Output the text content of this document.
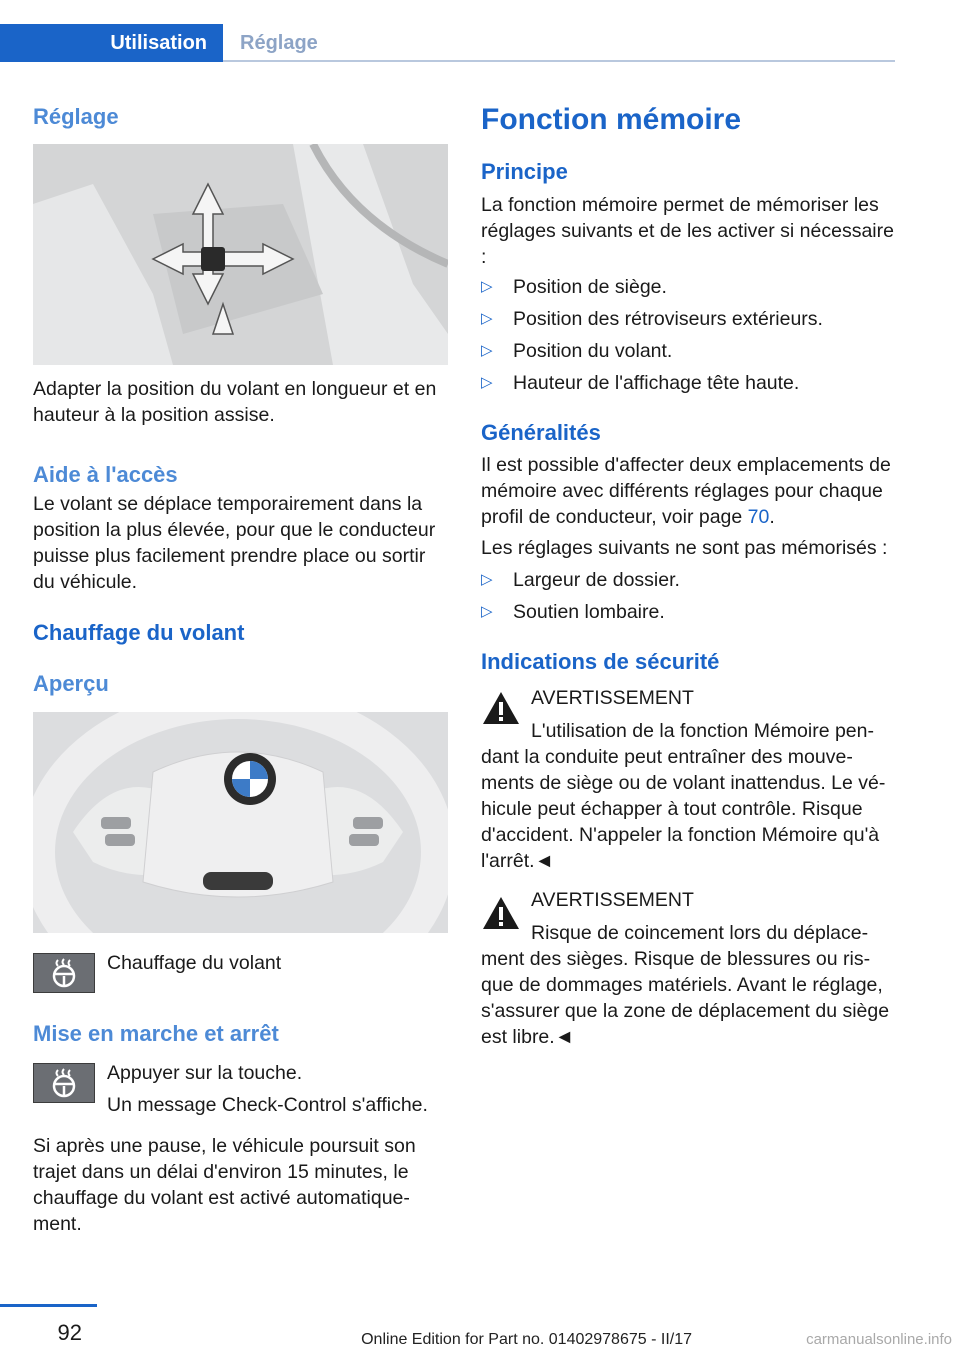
Utilisation	Réglage
Réglage

Adapter la position du volant en longueur et en hauteur à la position assise.

Aide à l'accès

Le volant se déplace temporairement dans la position la plus élevée, pour que le conducteur puisse plus facilement prendre place ou sortir du véhicule.

Chauffage du volant
Aperçu

Chauffage du volant

Mise en marche et arrêt

Appuyer sur la touche.

Un message Check-Control s'affiche.

Si après une pause, le véhicule poursuit son trajet dans un délai d'environ 15 minutes, le chauffage du volant est activé automatiquement.

Fonction mémoire
Principe

La fonction mémoire permet de mémoriser les réglages suivants et de les activer si nécessaire :

▷ Position de siège.
▷ Position des rétroviseurs extérieurs.
▷ Position du volant.
▷ Hauteur de l'affichage tête haute.
Généralités

Il est possible d'affecter deux emplacements de mémoire avec différents réglages pour chaque profil de conducteur, voir page 70.

Les réglages suivants ne sont pas mémorisés :

▷ Largeur de dossier.
▷ Soutien lombaire.
Indications de sécurité

AVERTISSEMENT

L'utilisation de la fonction Mémoire pendant la conduite peut entraîner des mouvements de siège ou de volant inattendus. Le véhicule peut échapper à tout contrôle. Risque d'accident. N'appeler la fonction Mémoire qu'à l'arrêt.◄

AVERTISSEMENT

Risque de coincement lors du déplacement des sièges. Risque de blessures ou risque de dommages matériels. Avant le réglage, s'assurer que la zone de déplacement du siège est libre.◄

92	Online Edition for Part no. 01402978675 - II/17	carmanualsonline.info
